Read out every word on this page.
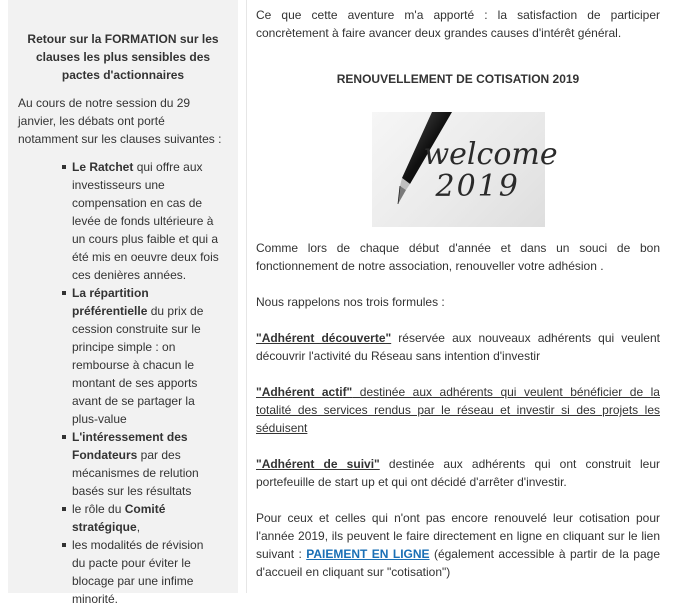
Retour sur la FORMATION sur les clauses les plus sensibles des pactes d'actionnaires
Au cours de notre session du 29 janvier, les débats ont porté notamment sur les clauses suivantes :
Le Ratchet qui offre aux investisseurs une compensation en cas de levée de fonds ultérieure à un cours plus faible et qui a été mis en oeuvre deux fois ces denières années.
La répartition préférentielle du prix de cession construite sur le principe simple : on rembourse à chacun le montant de ses apports avant de se partager la plus-value
L'intéressement des Fondateurs par des mécanismes de relution basés sur les résultats
le rôle du Comité stratégique,
les modalités de révision du pacte pour éviter le blocage par une infime minorité.
Ce que cette aventure m'a apporté : la satisfaction de participer concrètement à faire avancer deux grandes causes d'intérêt général.
RENOUVELLEMENT DE COTISATION 2019
welcome
2019
Comme lors de chaque début d'année et dans un souci de bon fonctionnement de notre association, renouveller votre adhésion .
Nous rappelons nos trois formules :
"Adhérent découverte" réservée aux nouveaux adhérents qui veulent découvrir l'activité du Réseau sans intention d'investir
"Adhérent actif" destinée aux adhérents qui veulent bénéficier de la totalité des services rendus par le réseau et investir si des projets les séduisent
"Adhérent de suivi" destinée aux adhérents qui ont construit leur portefeuille de start up et qui ont décidé d'arrêter d'investir.
Pour ceux et celles qui n'ont pas encore renouvelé leur cotisation pour l'année 2019, ils peuvent le faire directement en ligne en cliquant sur le lien suivant : PAIEMENT EN LIGNE (également accessible à partir de la page d'accueil en cliquant sur "cotisation")
